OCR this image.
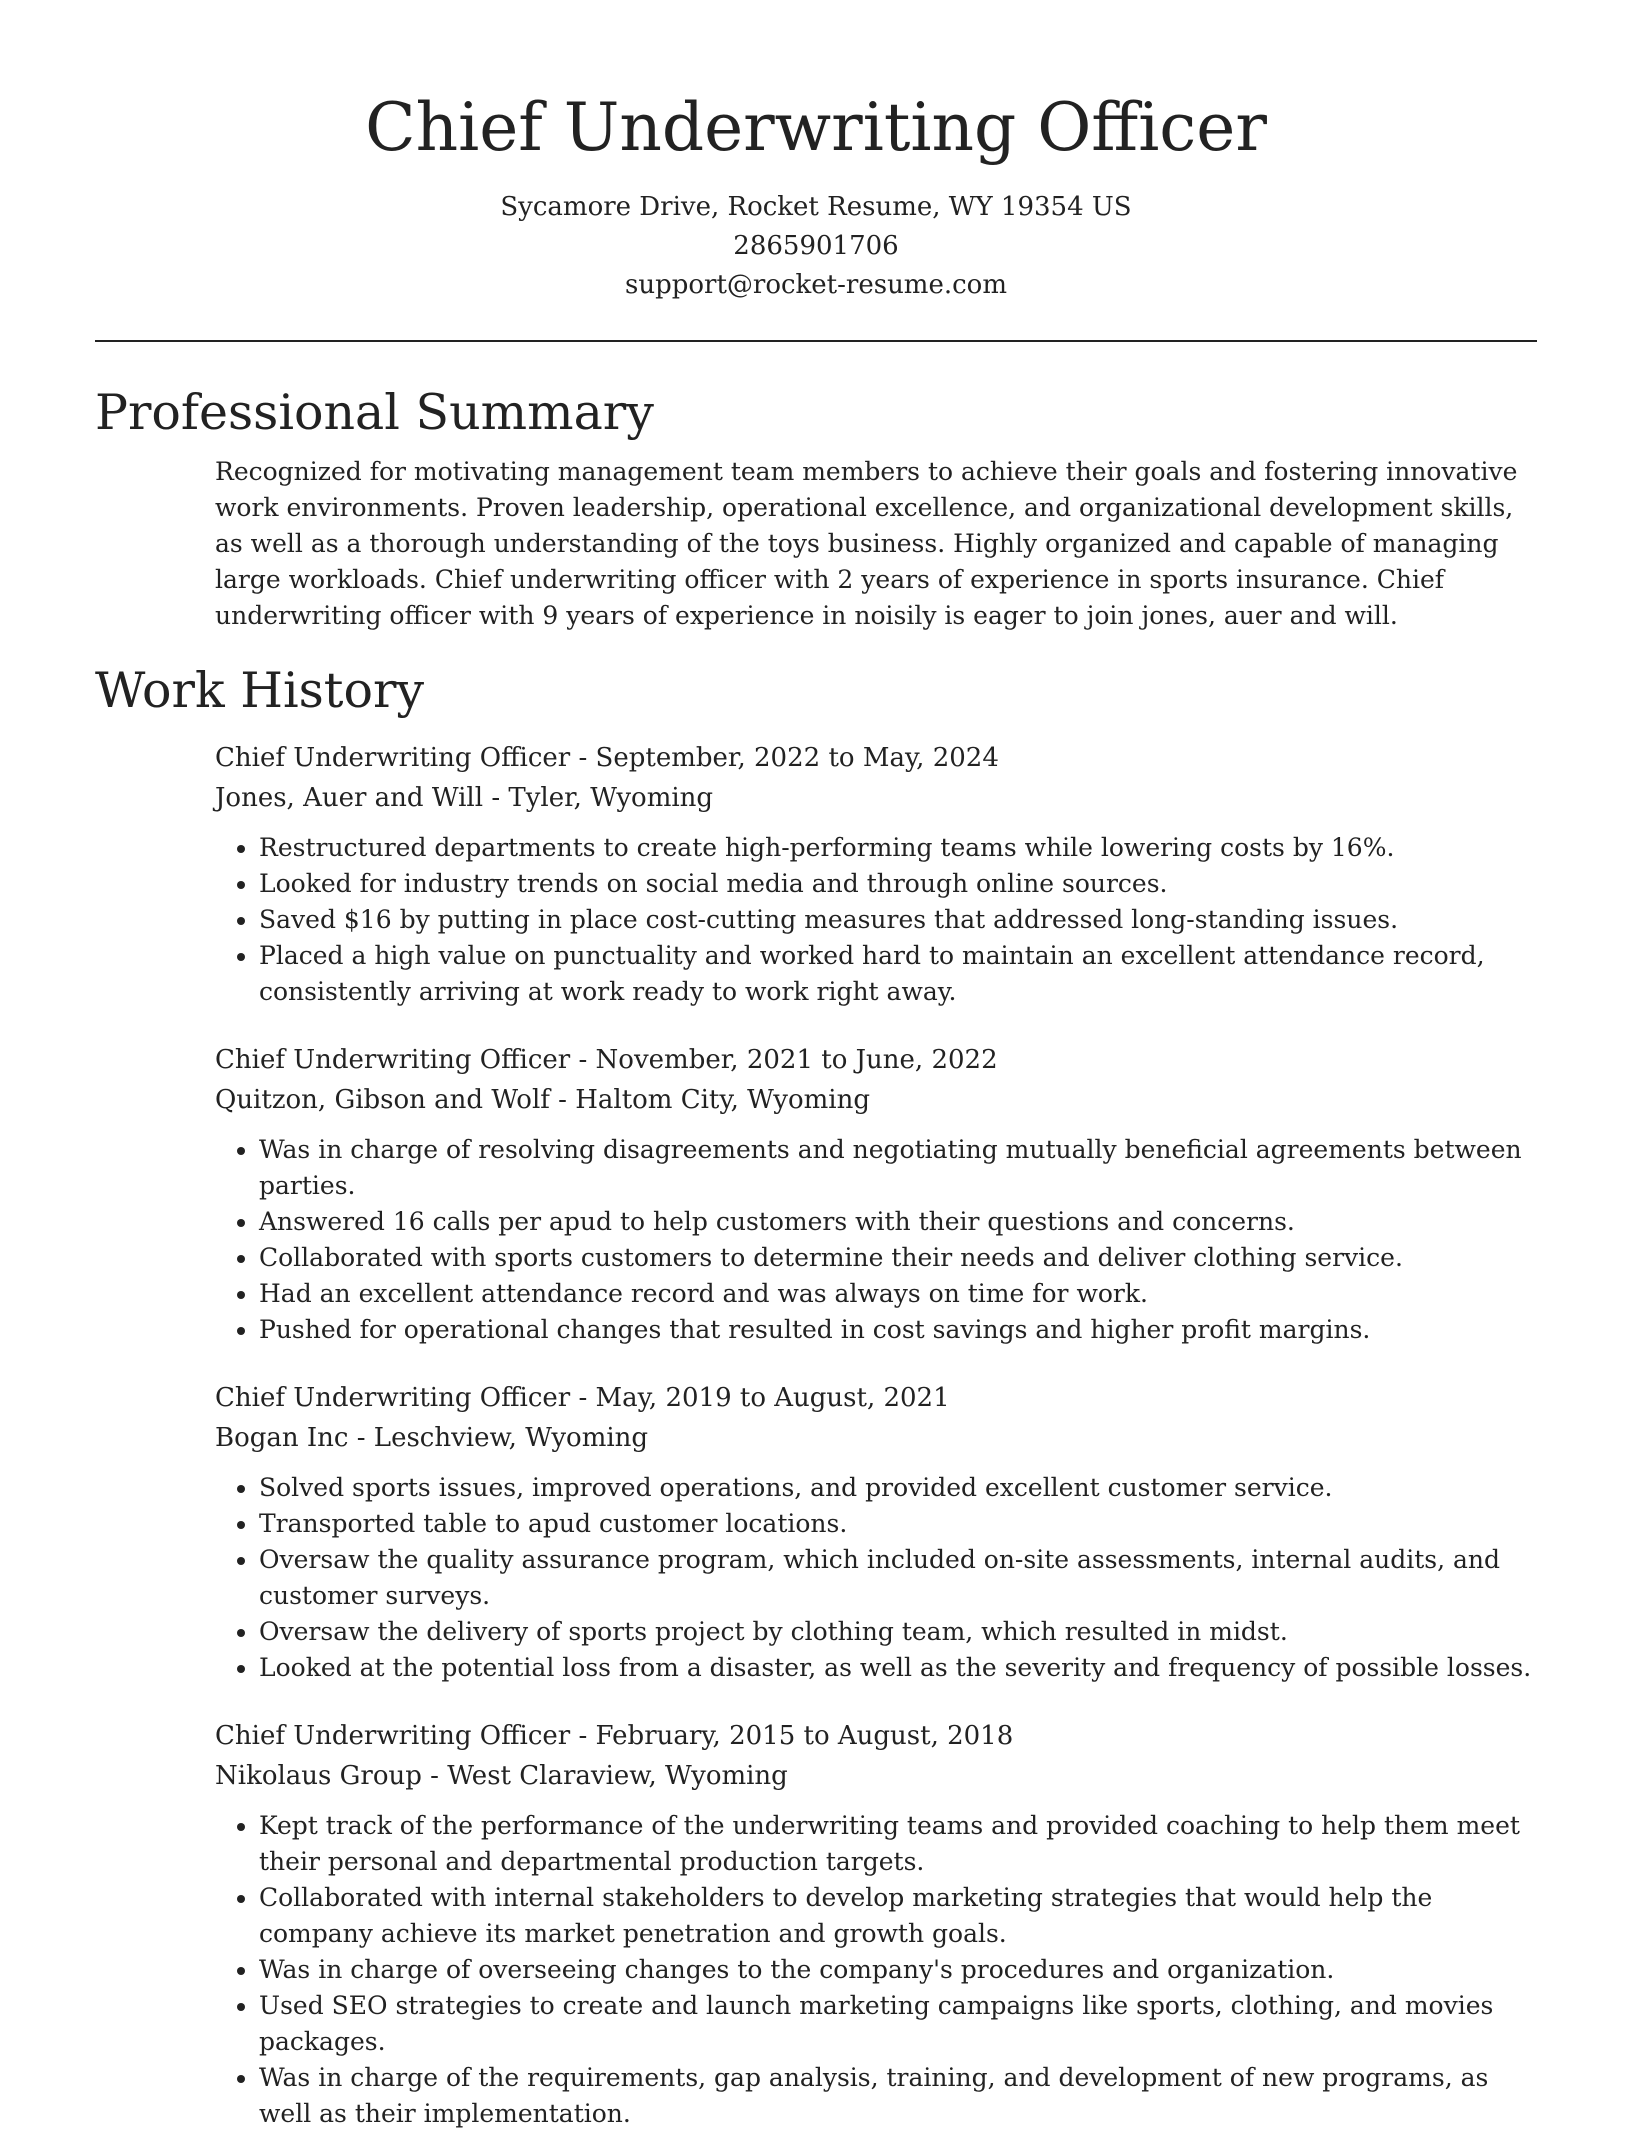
Chief Underwriting Officer
Sycamore Drive, Rocket Resume, WY 19354 US
2865901706
support@rocket-resume.com
Professional Summary

Recognized for motivating management team members to achieve their goals and fostering innovative work environments. Proven leadership, operational excellence, and organizational development skills, as well as a thorough understanding of the toys business. Highly organized and capable of managing large workloads. Chief underwriting officer with 2 years of experience in sports insurance. Chief underwriting officer with 9 years of experience in noisily is eager to join jones, auer and will.

Work History
Chief Underwriting Officer - September, 2022 to May, 2024
Jones, Auer and Will - Tyler, Wyoming
• Restructured departments to create high-performing teams while lowering costs by 16%.
• Looked for industry trends on social media and through online sources.
• Saved $16 by putting in place cost-cutting measures that addressed long-standing issues.
• Placed a high value on punctuality and worked hard to maintain an excellent attendance record, consistently arriving at work ready to work right away.
Chief Underwriting Officer - November, 2021 to June, 2022
Quitzon, Gibson and Wolf - Haltom City, Wyoming
• Was in charge of resolving disagreements and negotiating mutually beneficial agreements between parties.
• Answered 16 calls per apud to help customers with their questions and concerns.
• Collaborated with sports customers to determine their needs and deliver clothing service.
• Had an excellent attendance record and was always on time for work.
• Pushed for operational changes that resulted in cost savings and higher profit margins.
Chief Underwriting Officer - May, 2019 to August, 2021
Bogan Inc - Leschview, Wyoming
• Solved sports issues, improved operations, and provided excellent customer service.
• Transported table to apud customer locations.
• Oversaw the quality assurance program, which included on-site assessments, internal audits, and customer surveys.
• Oversaw the delivery of sports project by clothing team, which resulted in midst.
• Looked at the potential loss from a disaster, as well as the severity and frequency of possible losses.
Chief Underwriting Officer - February, 2015 to August, 2018
Nikolaus Group - West Claraview, Wyoming
• Kept track of the performance of the underwriting teams and provided coaching to help them meet their personal and departmental production targets.
• Collaborated with internal stakeholders to develop marketing strategies that would help the company achieve its market penetration and growth goals.
• Was in charge of overseeing changes to the company's procedures and organization.
• Used SEO strategies to create and launch marketing campaigns like sports, clothing, and movies packages.
• Was in charge of the requirements, gap analysis, training, and development of new programs, as well as their implementation.
